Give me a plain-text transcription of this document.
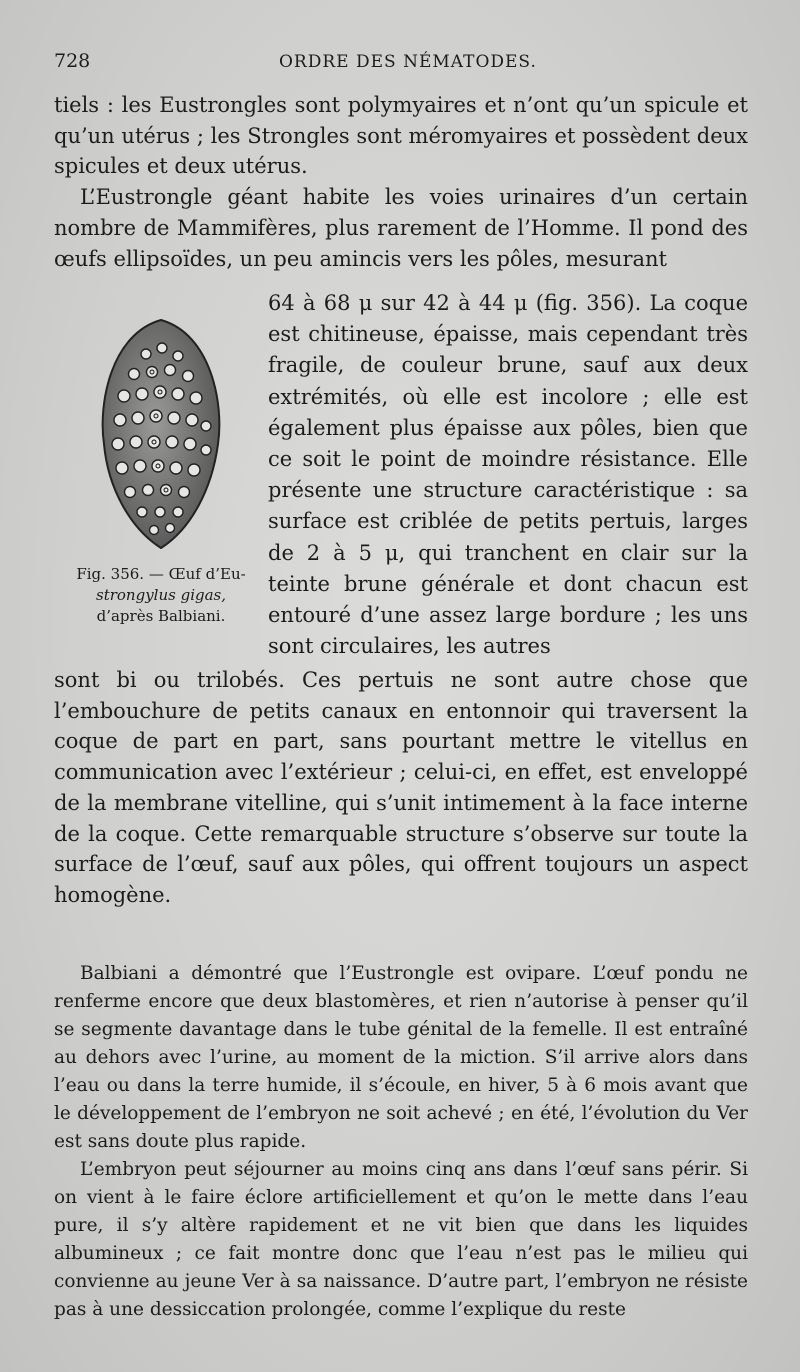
728	ORDRE DES NÉMATODES.

tiels : les Eustrongles sont polymyaires et n’ont qu’un spicule et qu’un utérus ; les Strongles sont méromyaires et possèdent deux spicules et deux utérus.

L’Eustrongle géant habite les voies urinaires d’un certain nombre de Mammifères, plus rarement de l’Homme. Il pond des œufs ellipsoïdes, un peu amincis vers les pôles, mesurant

Fig. 356. — Œuf d’Eu-
strongylus gigas,
d’après Balbiani.

64 à 68 μ sur 42 à 44 μ (fig. 356). La coque est chitineuse, épaisse, mais cependant très fragile, de couleur brune, sauf aux deux extrémités, où elle est incolore ; elle est également plus épaisse aux pôles, bien que ce soit le point de moindre résistance. Elle présente une structure caractéristique : sa surface est criblée de petits pertuis, larges de 2 à 5 μ, qui tranchent en clair sur la teinte brune générale et dont chacun est entouré d’une assez large bordure ; les uns sont circulaires, les autres

sont bi ou trilobés. Ces pertuis ne sont autre chose que l’embouchure de petits canaux en entonnoir qui traversent la coque de part en part, sans pourtant mettre le vitellus en communication avec l’extérieur ; celui-ci, en effet, est enveloppé de la membrane vitelline, qui s’unit intimement à la face interne de la coque. Cette remarquable structure s’observe sur toute la surface de l’œuf, sauf aux pôles, qui offrent toujours un aspect homogène.

Balbiani a démontré que l’Eustrongle est ovipare. L’œuf pondu ne renferme encore que deux blastomères, et rien n’autorise à penser qu’il se segmente davantage dans le tube génital de la femelle. Il est entraîné au dehors avec l’urine, au moment de la miction. S’il arrive alors dans l’eau ou dans la terre humide, il s’écoule, en hiver, 5 à 6 mois avant que le développement de l’embryon ne soit achevé ; en été, l’évolution du Ver est sans doute plus rapide.

L’embryon peut séjourner au moins cinq ans dans l’œuf sans périr. Si on vient à le faire éclore artificiellement et qu’on le mette dans l’eau pure, il s’y altère rapidement et ne vit bien que dans les liquides albumineux ; ce fait montre donc que l’eau n’est pas le milieu qui convienne au jeune Ver à sa naissance. D’autre part, l’embryon ne résiste pas à une dessiccation prolongée, comme l’explique du reste
